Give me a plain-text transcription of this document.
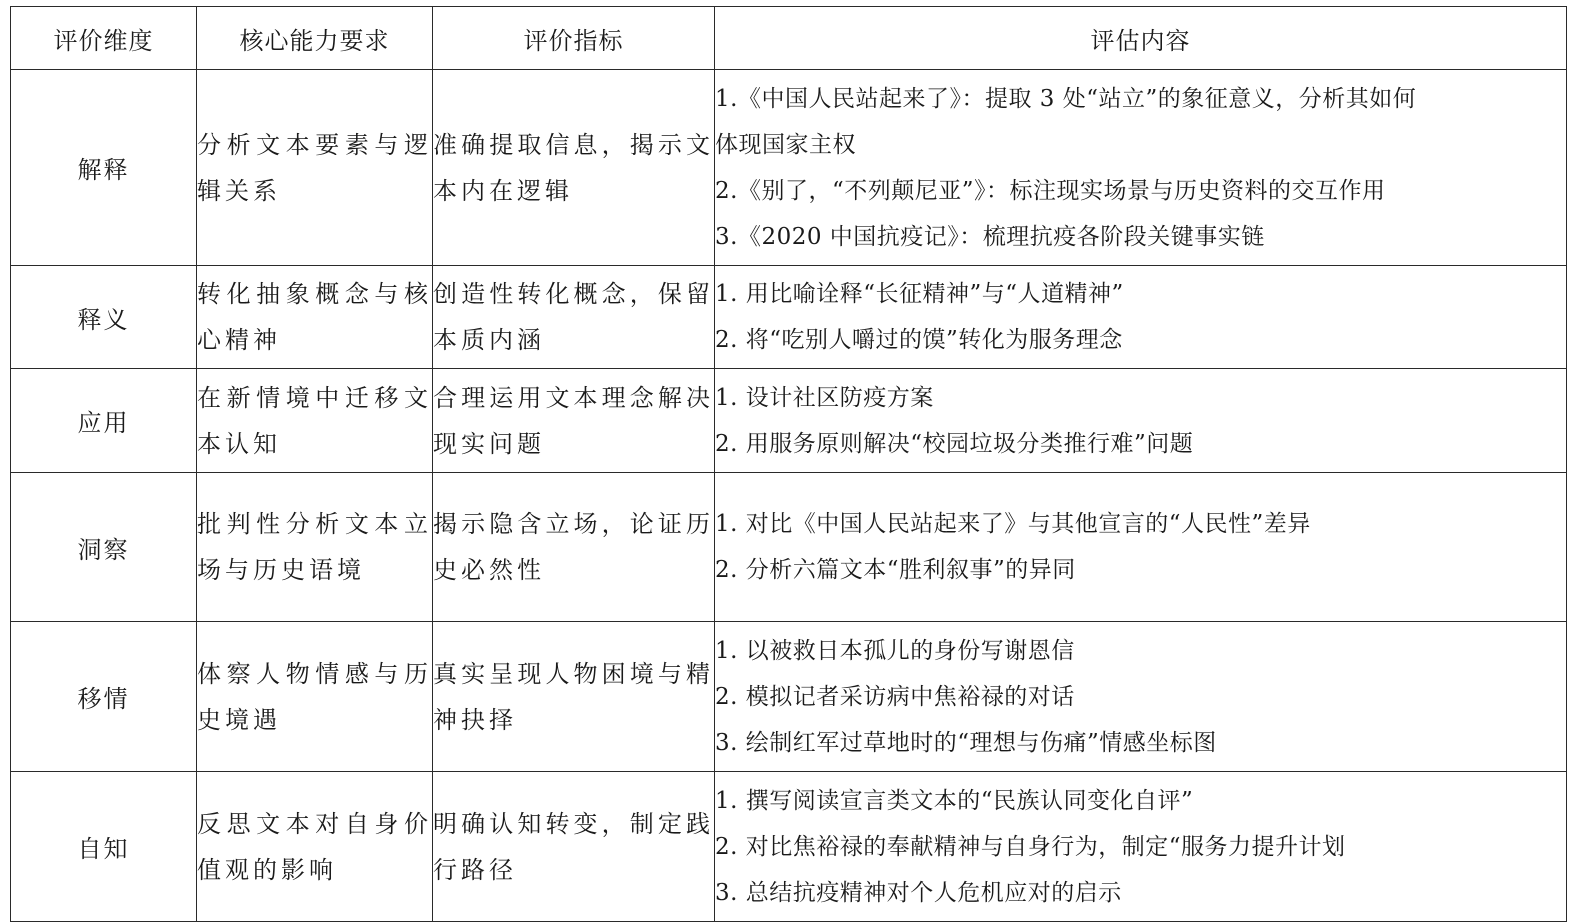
评价维度	核心能力要求	评价指标	评估内容
解释	分析文本要素与逻辑关系	准确提取信息，揭示文本内在逻辑	1.《中国人民站起来了》：提取 3 处“站立”的象征意义，分析其如何
体现国家主权
2.《别了，“不列颠尼亚”》：标注现实场景与历史资料的交互作用
3.《2020 中国抗疫记》：梳理抗疫各阶段关键事实链

释义	转化抽象概念与核心精神	创造性转化概念，保留本质内涵	1. 用比喻诠释“长征精神”与“人道精神”
2. 将“吃别人嚼过的馍”转化为服务理念

应用	在新情境中迁移文本认知	合理运用文本理念解决现实问题	1. 设计社区防疫方案
2. 用服务原则解决“校园垃圾分类推行难”问题

洞察	批判性分析文本立场与历史语境	揭示隐含立场，论证历史必然性	1. 对比《中国人民站起来了》与其他宣言的“人民性”差异
2. 分析六篇文本“胜利叙事”的异同

移情	体察人物情感与历史境遇	真实呈现人物困境与精神抉择	1. 以被救日本孤儿的身份写谢恩信
2. 模拟记者采访病中焦裕禄的对话
3. 绘制红军过草地时的“理想与伤痛”情感坐标图

自知	反思文本对自身价值观的影响	明确认知转变，制定践行路径	1. 撰写阅读宣言类文本的“民族认同变化自评”
2. 对比焦裕禄的奉献精神与自身行为，制定“服务力提升计划
3. 总结抗疫精神对个人危机应对的启示
